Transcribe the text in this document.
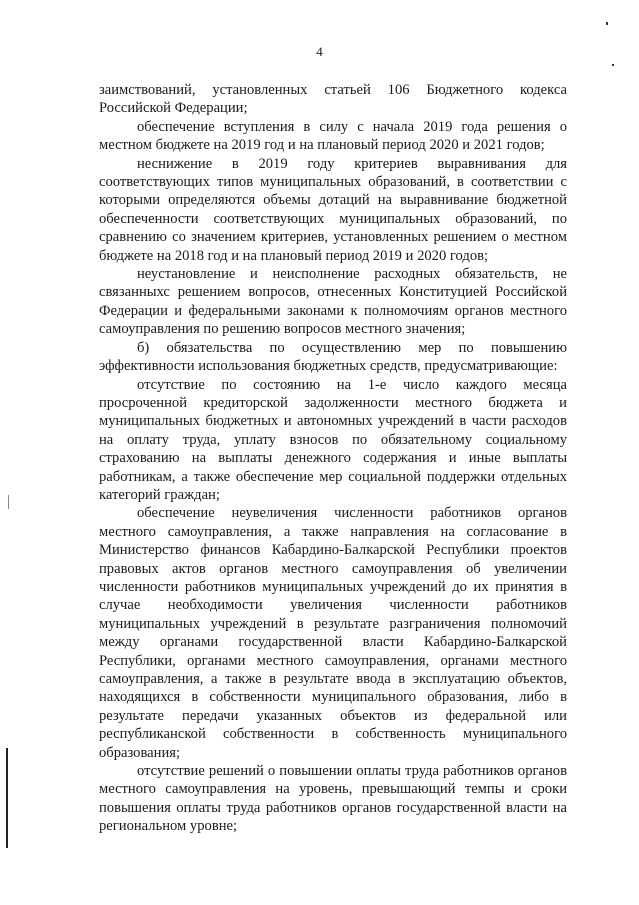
4

заимствований, установленных статьей 106 Бюджетного кодекса Российской Федерации;

обеспечение вступления в силу с начала 2019 года решения о местном бюджете на 2019 год и на плановый период 2020 и 2021 годов;

неснижение в 2019 году критериев выравнивания для соответствующих типов муниципальных образований, в соответствии с которыми определяются объемы дотаций на выравнивание бюджетной обеспеченности соответствующих муниципальных образований, по сравнению со значением критериев, установленных решением о местном бюджете на 2018 год и на плановый период 2019 и 2020 годов;

неустановление и неисполнение расходных обязательств, не связанныхс решением вопросов, отнесенных Конституцией Российской Федерации и федеральными законами к полномочиям органов местного самоуправления по решению вопросов местного значения;

б) обязательства по осуществлению мер по повышению эффективности использования бюджетных средств, предусматривающие:

отсутствие по состоянию на 1-е число каждого месяца просроченной кредиторской задолженности местного бюджета и муниципальных бюджетных и автономных учреждений в части расходов на оплату труда, уплату взносов по обязательному социальному страхованию на выплаты денежного содержания и иные выплаты работникам, а также обеспечение мер социальной поддержки отдельных категорий граждан;

обеспечение неувеличения численности работников органов местного самоуправления, а также направления на согласование в Министерство финансов Кабардино-Балкарской Республики проектов правовых актов органов местного самоуправления об увеличении численности работников муниципальных учреждений до их принятия в случае необходимости увеличения численности работников муниципальных учреждений в результате разграничения полномочий между органами государственной власти Кабардино-Балкарской Республики, органами местного самоуправления, органами местного самоуправления, а также в результате ввода в эксплуатацию объектов, находящихся в собственности муниципального образования, либо в результате передачи указанных объектов из федеральной или республиканской собственности в собственность муниципального образования;

отсутствие решений о повышении оплаты труда работников органов местного самоуправления на уровень, превышающий темпы и сроки повышения оплаты труда работников органов государственной власти на региональном уровне;
